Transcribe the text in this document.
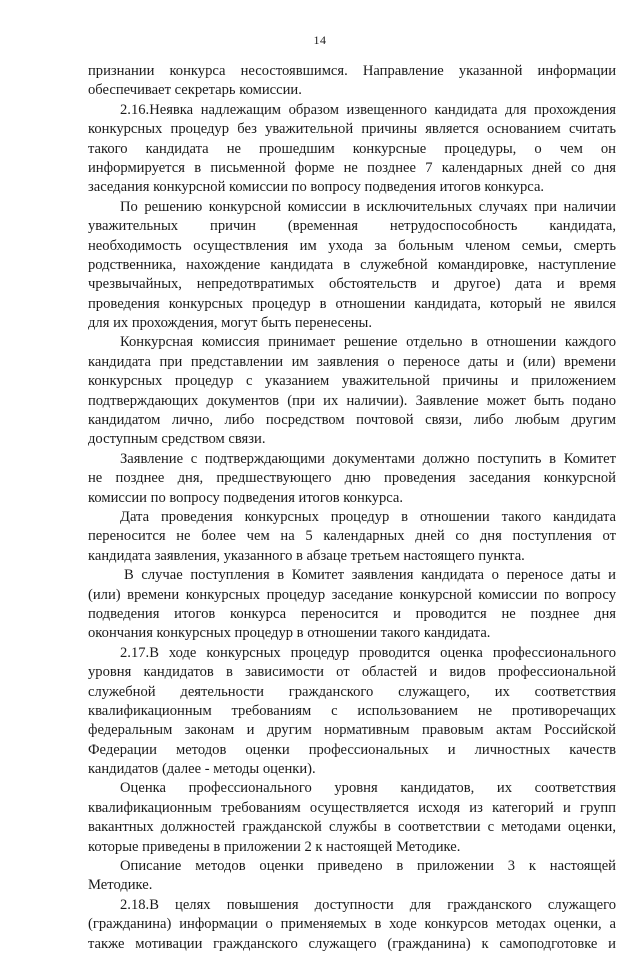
14
признании конкурса несостоявшимся. Направление указанной информации
обеспечивает секретарь комиссии.
2.16.Неявка надлежащим образом извещенного кандидата для прохождения
конкурсных процедур без уважительной причины является основанием считать
такого кандидата не прошедшим конкурсные процедуры, о чем он
информируется в письменной форме не позднее 7 календарных дней со дня
заседания конкурсной комиссии по вопросу подведения итогов конкурса.
По решению конкурсной комиссии в исключительных случаях при наличии
уважительных причин (временная нетрудоспособность кандидата,
необходимость осуществления им ухода за больным членом семьи, смерть
родственника, нахождение кандидата в служебной командировке, наступление
чрезвычайных, непредотвратимых обстоятельств и другое) дата и время
проведения конкурсных процедур в отношении кандидата, который не явился
для их прохождения, могут быть перенесены.
Конкурсная комиссия принимает решение отдельно в отношении каждого
кандидата при представлении им заявления о переносе даты и (или) времени
конкурсных процедур с указанием уважительной причины и приложением
подтверждающих документов (при их наличии). Заявление может быть подано
кандидатом лично, либо посредством почтовой связи, либо любым другим
доступным средством связи.
Заявление с подтверждающими документами должно поступить в Комитет
не позднее дня, предшествующего дню проведения заседания конкурсной
комиссии по вопросу подведения итогов конкурса.
Дата проведения конкурсных процедур в отношении такого кандидата
переносится не более чем на 5 календарных дней со дня поступления от
кандидата заявления, указанного в абзаце третьем настоящего пункта.
В случае поступления в Комитет заявления кандидата о переносе даты и
(или) времени конкурсных процедур заседание конкурсной комиссии по вопросу
подведения итогов конкурса переносится и проводится не позднее дня
окончания конкурсных процедур в отношении такого кандидата.
2.17.В ходе конкурсных процедур проводится оценка профессионального
уровня кандидатов в зависимости от областей и видов профессиональной
служебной деятельности гражданского служащего, их соответствия
квалификационным требованиям с использованием не противоречащих
федеральным законам и другим нормативным правовым актам Российской
Федерации методов оценки профессиональных и личностных качеств
кандидатов (далее - методы оценки).
Оценка профессионального уровня кандидатов, их соответствия
квалификационным требованиям осуществляется исходя из категорий и групп
вакантных должностей гражданской службы в соответствии с методами оценки,
которые приведены в приложении 2 к настоящей Методике.
Описание методов оценки приведено в приложении 3 к настоящей
Методике.
2.18.В целях повышения доступности для гражданского служащего
(гражданина) информации о применяемых в ходе конкурсов методах оценки, а
также мотивации гражданского служащего (гражданина) к самоподготовке и
